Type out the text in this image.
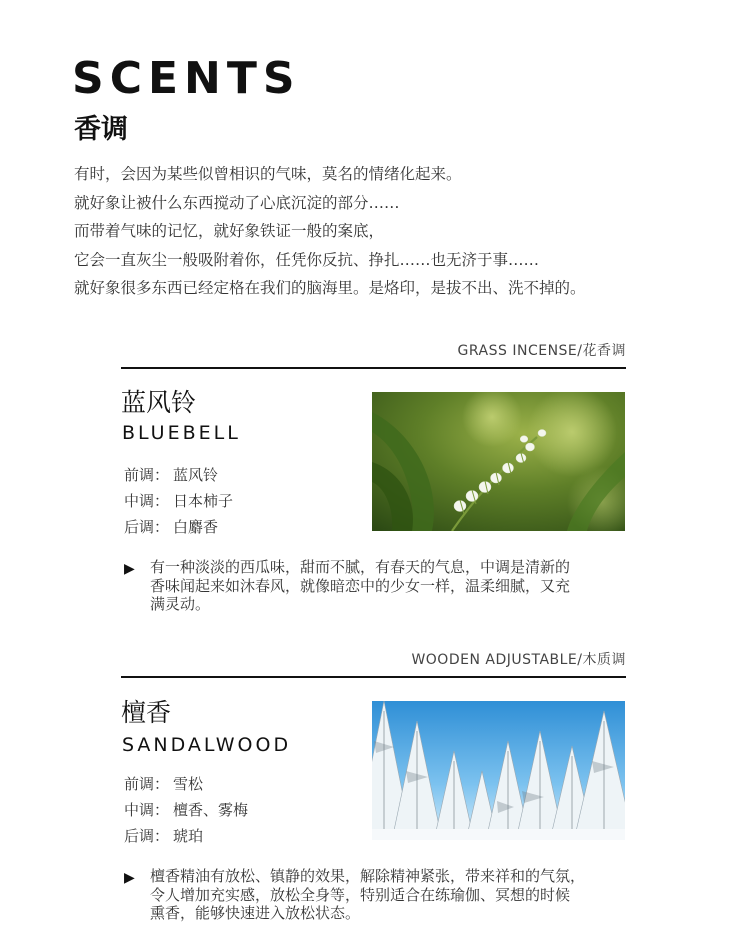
SCENTS
香调
有时，会因为某些似曾相识的气味，莫名的情绪化起来。
就好象让被什么东西搅动了心底沉淀的部分……
而带着气味的记忆，就好象铁证一般的案底，
它会一直灰尘一般吸附着你，任凭你反抗、挣扎……也无济于事……
就好象很多东西已经定格在我们的脑海里。是烙印，是拔不出、洗不掉的。
GRASS INCENSE/花香调
蓝风铃
BLUEBELL
前调： 蓝风铃
中调： 日本柿子
后调： 白麝香
▶ 有一种淡淡的西瓜味，甜而不腻，有春天的气息，中调是清新的
香味闻起来如沐春风，就像暗恋中的少女一样，温柔细腻，又充
满灵动。
WOODEN ADJUSTABLE/木质调
檀香
SANDALWOOD
前调： 雪松
中调： 檀香、雾梅
后调： 琥珀
▶ 檀香精油有放松、镇静的效果，解除精神紧张，带来祥和的气氛，
令人增加充实感，放松全身等，特别适合在练瑜伽、冥想的时候
熏香，能够快速进入放松状态。
